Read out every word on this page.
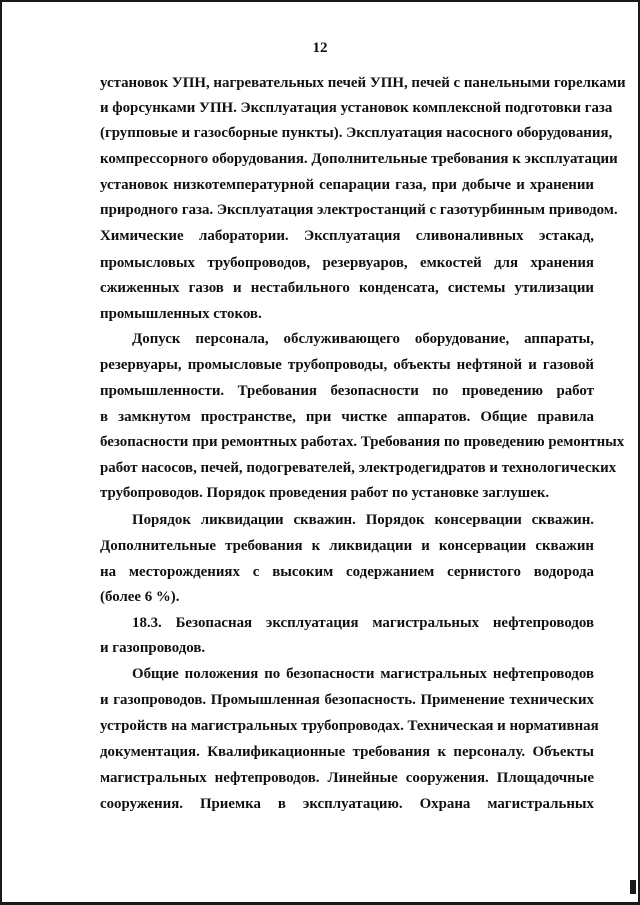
12
установок УПН, нагревательных печей УПН, печей с панельными горелками
и форсунками УПН. Эксплуатация установок комплексной подготовки газа
(групповые и газосборные пункты). Эксплуатация насосного оборудования,
компрессорного оборудования. Дополнительные требования к эксплуатации
установок низкотемпературной сепарации газа, при добыче и хранении
природного газа. Эксплуатация электростанций с газотурбинным приводом.
Химические лаборатории. Эксплуатация сливоналивных эстакад,
промысловых трубопроводов, резервуаров, емкостей для хранения
сжиженных газов и нестабильного конденсата, системы утилизации
промышленных стоков.
Допуск персонала, обслуживающего оборудование, аппараты,
резервуары, промысловые трубопроводы, объекты нефтяной и газовой
промышленности. Требования безопасности по проведению работ
в замкнутом пространстве, при чистке аппаратов. Общие правила
безопасности при ремонтных работах. Требования по проведению ремонтных
работ насосов, печей, подогревателей, электродегидратов и технологических
трубопроводов. Порядок проведения работ по установке заглушек.
Порядок ликвидации скважин. Порядок консервации скважин.
Дополнительные требования к ликвидации и консервации скважин
на месторождениях с высоким содержанием сернистого водорода
(более 6 %).
18.3. Безопасная эксплуатация магистральных нефтепроводов
и газопроводов.
Общие положения по безопасности магистральных нефтепроводов
и газопроводов. Промышленная безопасность. Применение технических
устройств на магистральных трубопроводах. Техническая и нормативная
документация. Квалификационные требования к персоналу. Объекты
магистральных нефтепроводов. Линейные сооружения. Площадочные
сооружения. Приемка в эксплуатацию. Охрана магистральных
